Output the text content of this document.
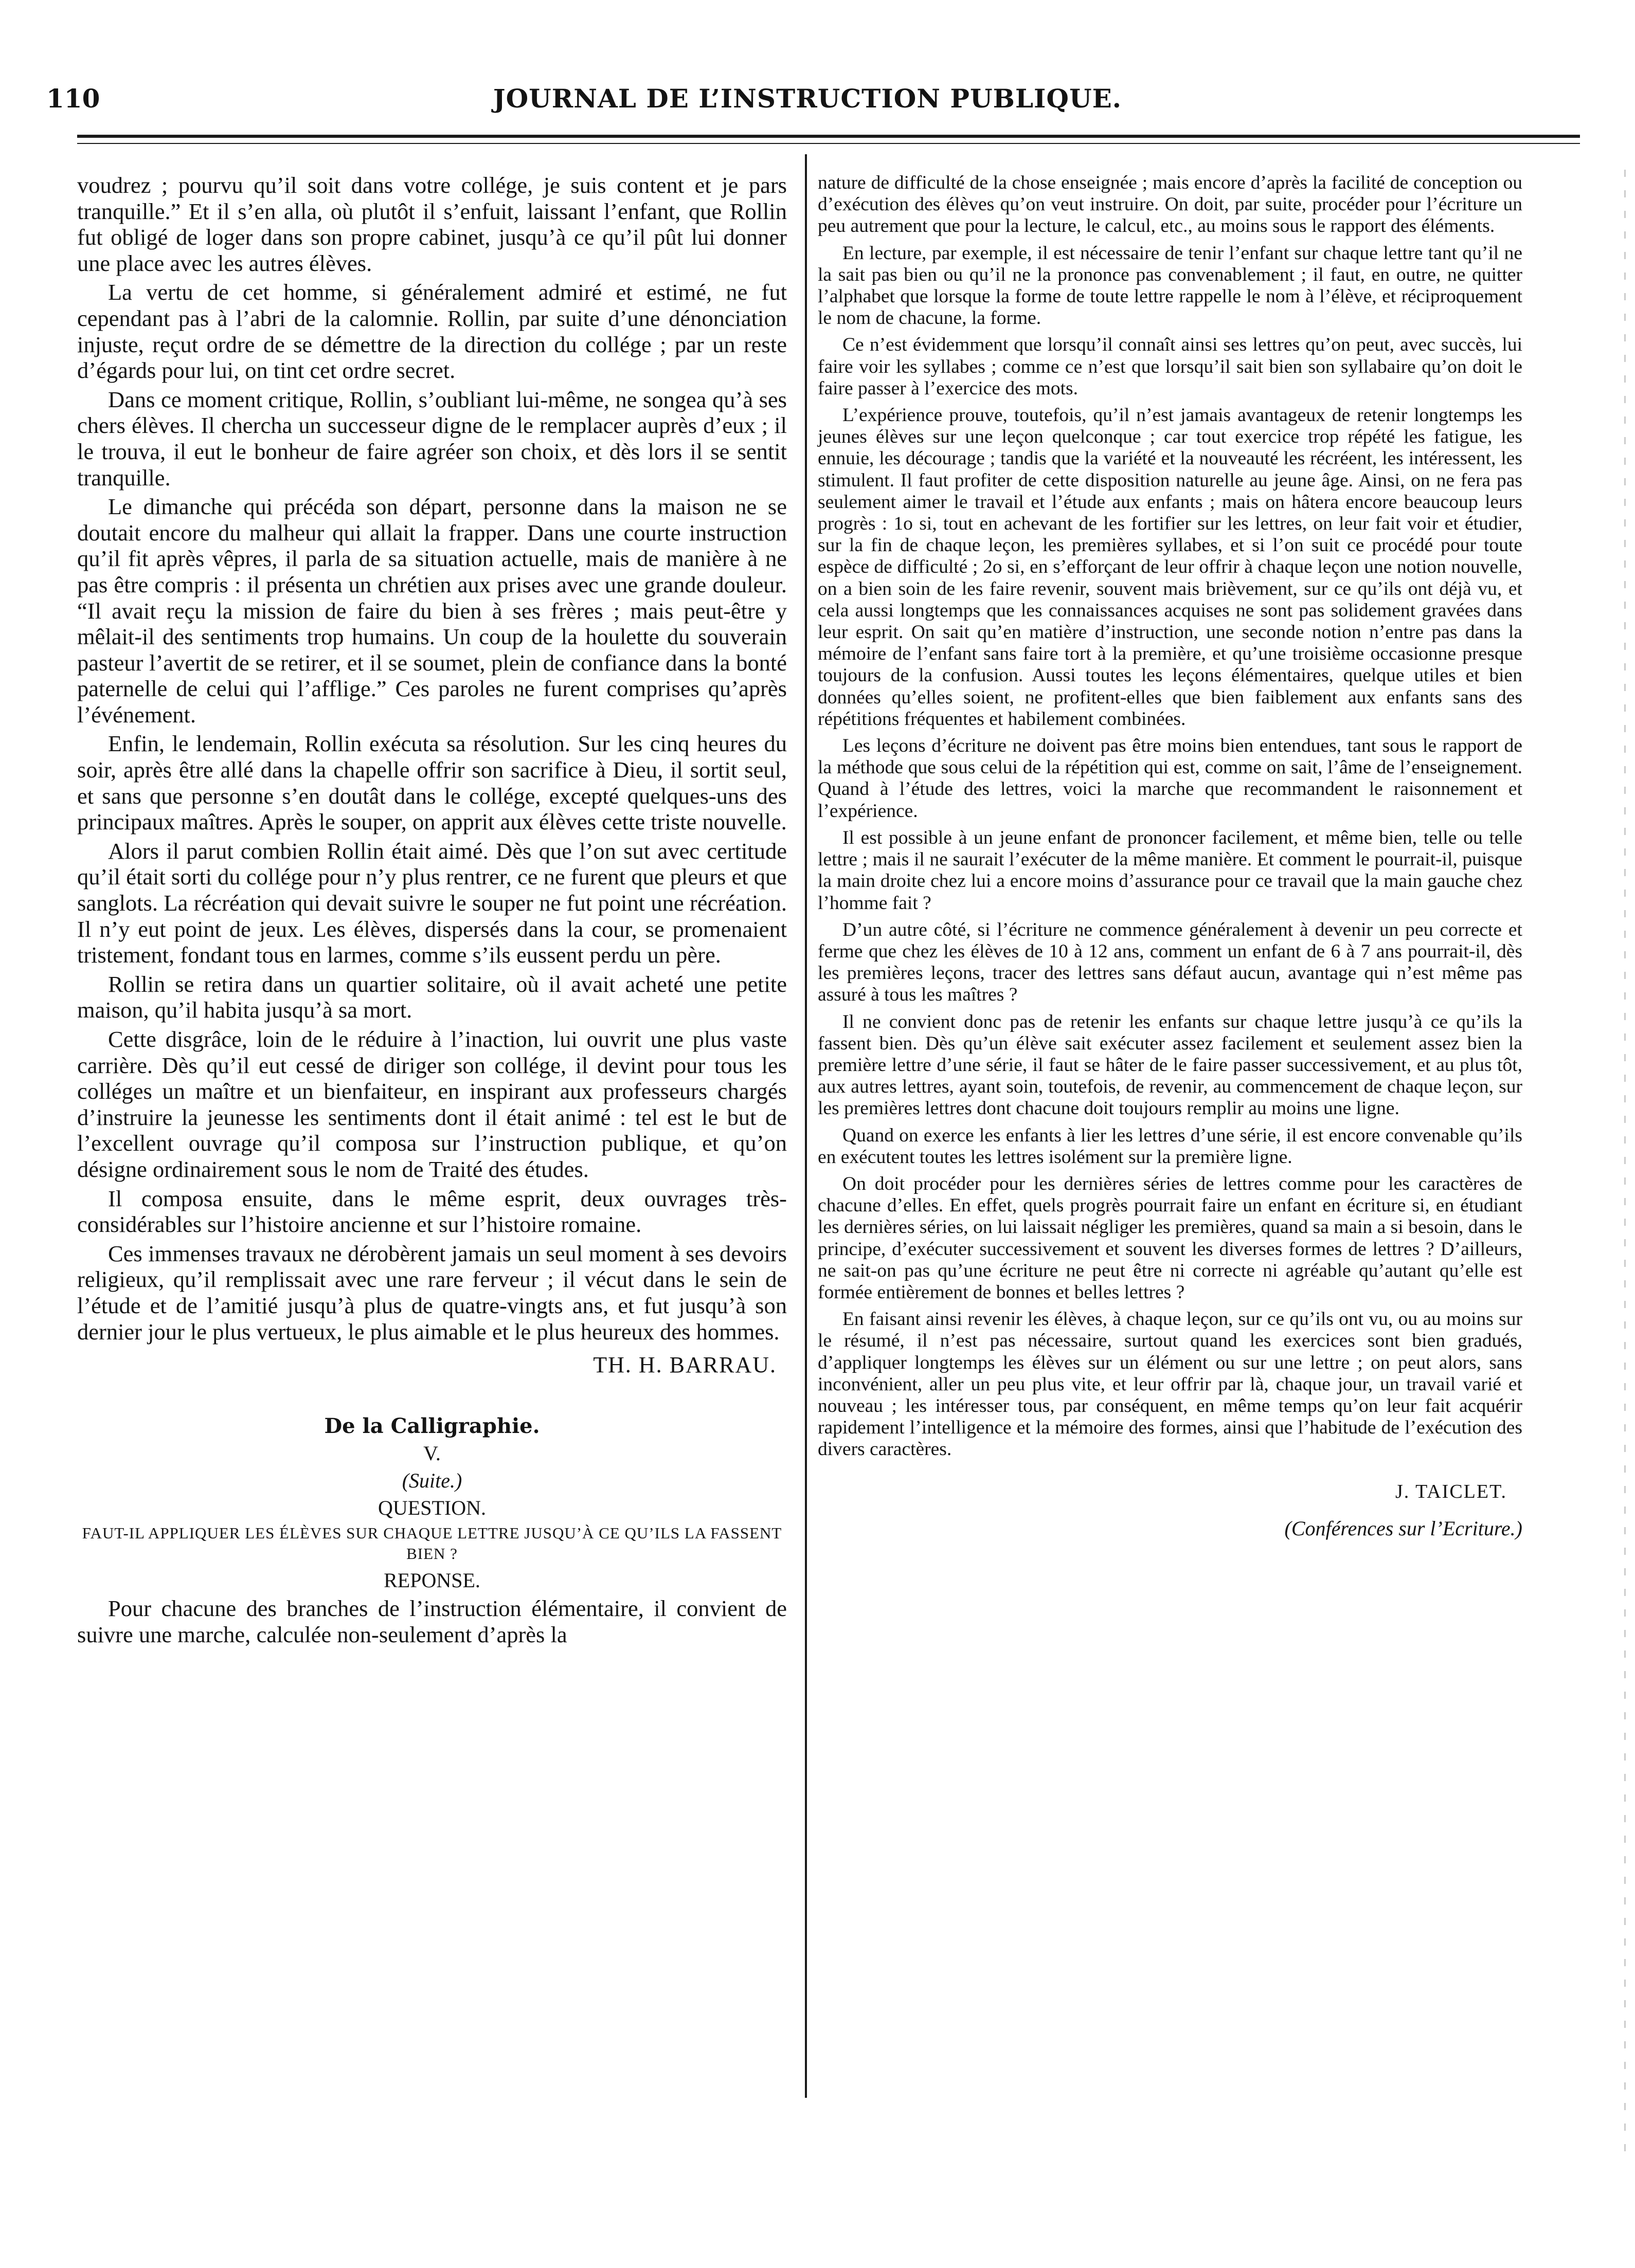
110	JOURNAL DE L’INSTRUCTION PUBLIQUE.

voudrez ; pourvu qu’il soit dans votre collége, je suis content et je pars tranquille.” Et il s’en alla, où plutôt il s’enfuit, laissant l’enfant, que Rollin fut obligé de loger dans son propre cabinet, jusqu’à ce qu’il pût lui donner une place avec les autres élèves.

La vertu de cet homme, si généralement admiré et estimé, ne fut cependant pas à l’abri de la calomnie. Rollin, par suite d’une dénonciation injuste, reçut ordre de se démettre de la direction du collége ; par un reste d’égards pour lui, on tint cet ordre secret.

Dans ce moment critique, Rollin, s’oubliant lui-même, ne songea qu’à ses chers élèves. Il chercha un successeur digne de le remplacer auprès d’eux ; il le trouva, il eut le bonheur de faire agréer son choix, et dès lors il se sentit tranquille.

Le dimanche qui précéda son départ, personne dans la maison ne se doutait encore du malheur qui allait la frapper. Dans une courte instruction qu’il fit après vêpres, il parla de sa situation actuelle, mais de manière à ne pas être compris : il présenta un chrétien aux prises avec une grande douleur. “Il avait reçu la mission de faire du bien à ses frères ; mais peut-être y mêlait-il des sentiments trop humains. Un coup de la houlette du souverain pasteur l’avertit de se retirer, et il se soumet, plein de confiance dans la bonté paternelle de celui qui l’afflige.” Ces paroles ne furent comprises qu’après l’événement.

Enfin, le lendemain, Rollin exécuta sa résolution. Sur les cinq heures du soir, après être allé dans la chapelle offrir son sacrifice à Dieu, il sortit seul, et sans que personne s’en doutât dans le collége, excepté quelques-uns des principaux maîtres. Après le souper, on apprit aux élèves cette triste nouvelle.

Alors il parut combien Rollin était aimé. Dès que l’on sut avec certitude qu’il était sorti du collége pour n’y plus rentrer, ce ne furent que pleurs et que sanglots. La récréation qui devait suivre le souper ne fut point une récréation. Il n’y eut point de jeux. Les élèves, dispersés dans la cour, se promenaient tristement, fondant tous en larmes, comme s’ils eussent perdu un père.

Rollin se retira dans un quartier solitaire, où il avait acheté une petite maison, qu’il habita jusqu’à sa mort.

Cette disgrâce, loin de le réduire à l’inaction, lui ouvrit une plus vaste carrière. Dès qu’il eut cessé de diriger son collége, il devint pour tous les colléges un maître et un bienfaiteur, en inspirant aux professeurs chargés d’instruire la jeunesse les sentiments dont il était animé : tel est le but de l’excellent ouvrage qu’il composa sur l’instruction publique, et qu’on désigne ordinairement sous le nom de Traité des études.

Il composa ensuite, dans le même esprit, deux ouvrages très-considérables sur l’histoire ancienne et sur l’histoire romaine.

Ces immenses travaux ne dérobèrent jamais un seul moment à ses devoirs religieux, qu’il remplissait avec une rare ferveur ; il vécut dans le sein de l’étude et de l’amitié jusqu’à plus de quatre-vingts ans, et fut jusqu’à son dernier jour le plus vertueux, le plus aimable et le plus heureux des hommes.

TH. H. BARRAU.
De la Calligraphie.
V.
(Suite.)
QUESTION.
FAUT-IL APPLIQUER LES ÉLÈVES SUR CHAQUE LETTRE JUSQU’À CE QU’ILS LA FASSENT BIEN ?
REPONSE.

Pour chacune des branches de l’instruction élémentaire, il convient de suivre une marche, calculée non-seulement d’après la

nature de difficulté de la chose enseignée ; mais encore d’après la facilité de conception ou d’exécution des élèves qu’on veut instruire. On doit, par suite, procéder pour l’écriture un peu autrement que pour la lecture, le calcul, etc., au moins sous le rapport des éléments.

En lecture, par exemple, il est nécessaire de tenir l’enfant sur chaque lettre tant qu’il ne la sait pas bien ou qu’il ne la prononce pas convenablement ; il faut, en outre, ne quitter l’alphabet que lorsque la forme de toute lettre rappelle le nom à l’élève, et réciproquement le nom de chacune, la forme.

Ce n’est évidemment que lorsqu’il connaît ainsi ses lettres qu’on peut, avec succès, lui faire voir les syllabes ; comme ce n’est que lorsqu’il sait bien son syllabaire qu’on doit le faire passer à l’exercice des mots.

L’expérience prouve, toutefois, qu’il n’est jamais avantageux de retenir longtemps les jeunes élèves sur une leçon quelconque ; car tout exercice trop répété les fatigue, les ennuie, les décourage ; tandis que la variété et la nouveauté les récréent, les intéressent, les stimulent. Il faut profiter de cette disposition naturelle au jeune âge. Ainsi, on ne fera pas seulement aimer le travail et l’étude aux enfants ; mais on hâtera encore beaucoup leurs progrès : 1o si, tout en achevant de les fortifier sur les lettres, on leur fait voir et étudier, sur la fin de chaque leçon, les premières syllabes, et si l’on suit ce procédé pour toute espèce de difficulté ; 2o si, en s’efforçant de leur offrir à chaque leçon une notion nouvelle, on a bien soin de les faire revenir, souvent mais brièvement, sur ce qu’ils ont déjà vu, et cela aussi longtemps que les connaissances acquises ne sont pas solidement gravées dans leur esprit. On sait qu’en matière d’instruction, une seconde notion n’entre pas dans la mémoire de l’enfant sans faire tort à la première, et qu’une troisième occasionne presque toujours de la confusion. Aussi toutes les leçons élémentaires, quelque utiles et bien données qu’elles soient, ne profitent-elles que bien faiblement aux enfants sans des répétitions fréquentes et habilement combinées.

Les leçons d’écriture ne doivent pas être moins bien entendues, tant sous le rapport de la méthode que sous celui de la répétition qui est, comme on sait, l’âme de l’enseignement. Quand à l’étude des lettres, voici la marche que recommandent le raisonnement et l’expérience.

Il est possible à un jeune enfant de prononcer facilement, et même bien, telle ou telle lettre ; mais il ne saurait l’exécuter de la même manière. Et comment le pourrait-il, puisque la main droite chez lui a encore moins d’assurance pour ce travail que la main gauche chez l’homme fait ?

D’un autre côté, si l’écriture ne commence généralement à devenir un peu correcte et ferme que chez les élèves de 10 à 12 ans, comment un enfant de 6 à 7 ans pourrait-il, dès les premières leçons, tracer des lettres sans défaut aucun, avantage qui n’est même pas assuré à tous les maîtres ?

Il ne convient donc pas de retenir les enfants sur chaque lettre jusqu’à ce qu’ils la fassent bien. Dès qu’un élève sait exécuter assez facilement et seulement assez bien la première lettre d’une série, il faut se hâter de le faire passer successivement, et au plus tôt, aux autres lettres, ayant soin, toutefois, de revenir, au commencement de chaque leçon, sur les premières lettres dont chacune doit toujours remplir au moins une ligne.

Quand on exerce les enfants à lier les lettres d’une série, il est encore convenable qu’ils en exécutent toutes les lettres isolément sur la première ligne.

On doit procéder pour les dernières séries de lettres comme pour les caractères de chacune d’elles. En effet, quels progrès pourrait faire un enfant en écriture si, en étudiant les dernières séries, on lui laissait négliger les premières, quand sa main a si besoin, dans le principe, d’exécuter successivement et souvent les diverses formes de lettres ? D’ailleurs, ne sait-on pas qu’une écriture ne peut être ni correcte ni agréable qu’autant qu’elle est formée entièrement de bonnes et belles lettres ?

En faisant ainsi revenir les élèves, à chaque leçon, sur ce qu’ils ont vu, ou au moins sur le résumé, il n’est pas nécessaire, surtout quand les exercices sont bien gradués, d’appliquer longtemps les élèves sur un élément ou sur une lettre ; on peut alors, sans inconvénient, aller un peu plus vite, et leur offrir par là, chaque jour, un travail varié et nouveau ; les intéresser tous, par conséquent, en même temps qu’on leur fait acquérir rapidement l’intelligence et la mémoire des formes, ainsi que l’habitude de l’exécution des divers caractères.

J. TAICLET.
(Conférences sur l’Ecriture.)
